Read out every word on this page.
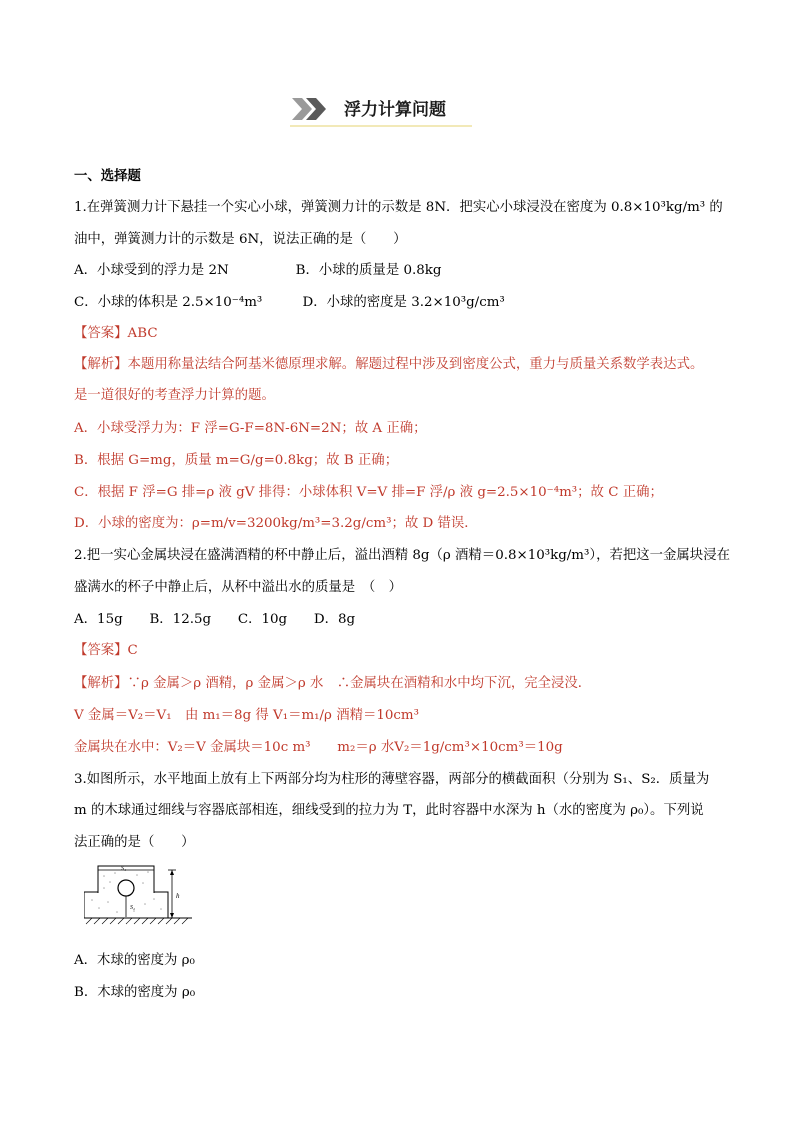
浮力计算问题
一、选择题
1.在弹簧测力计下悬挂一个实心小球，弹簧测力计的示数是 8N．把实心小球浸没在密度为 0.8×10³kg/m³ 的
油中，弹簧测力计的示数是 6N，说法正确的是（　　）
A．小球受到的浮力是 2N　　　　　B．小球的质量是 0.8kg
C．小球的体积是 2.5×10⁻⁴m³　　　D．小球的密度是 3.2×10³g/cm³
【答案】ABC
【解析】本题用称量法结合阿基米德原理求解。解题过程中涉及到密度公式，重力与质量关系数学表达式。
是一道很好的考查浮力计算的题。
A．小球受浮力为：F 浮=G-F=8N-6N=2N；故 A 正确；
B．根据 G=mg，质量 m=G/g=0.8kg；故 B 正确；
C．根据 F 浮=G 排=ρ 液 gV 排得：小球体积 V=V 排=F 浮/ρ 液 g=2.5×10⁻⁴m³；故 C 正确；
D．小球的密度为：ρ=m/v=3200kg/m³=3.2g/cm³；故 D 错误．
2.把一实心金属块浸在盛满酒精的杯中静止后，溢出酒精 8g（ρ 酒精＝0.8×10³kg/m³），若把这一金属块浸在
盛满水的杯子中静止后，从杯中溢出水的质量是　（　）
A．15g　　B．12.5g　　C．10g　　D．8g
【答案】C
【解析】∵ρ 金属＞ρ 酒精，ρ 金属＞ρ 水　∴金属块在酒精和水中均下沉，完全浸没．
V 金属＝V₂＝V₁　由 m₁＝8g 得 V₁＝m₁/ρ 酒精＝10cm³
金属块在水中：V₂＝V 金属块＝10c m³　　m₂＝ρ 水V₂＝1g/cm³×10cm³＝10g
3.如图所示，水平地面上放有上下两部分均为柱形的薄壁容器，两部分的横截面积（分别为 S₁、S₂．质量为
m 的木球通过细线与容器底部相连，细线受到的拉力为 T，此时容器中水深为 h（水的密度为 ρ₀）。下列说
法正确的是（　　）
S₁
S₂
h
A．木球的密度为 ρ₀
B．木球的密度为 ρ₀
